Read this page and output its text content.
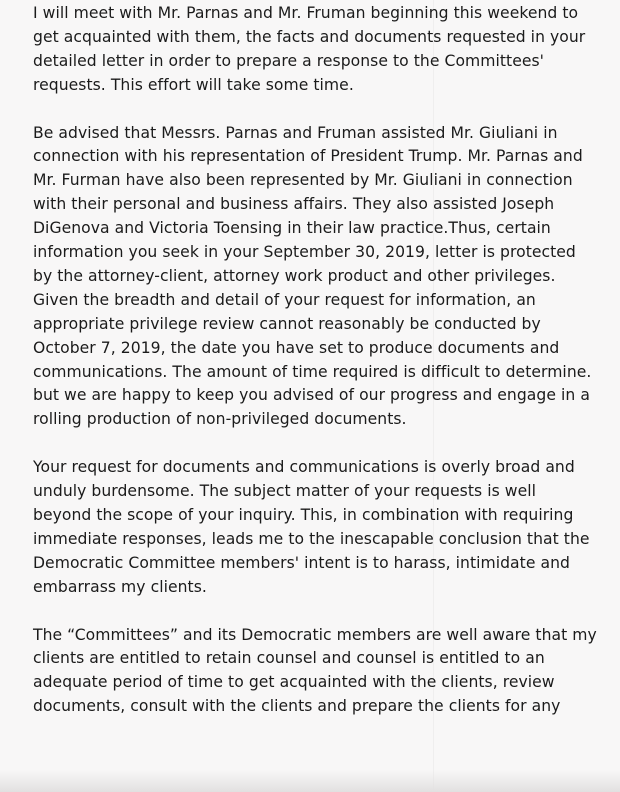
I will meet with Mr. Parnas and Mr. Fruman beginning this weekend to
get acquainted with them, the facts and documents requested in your
detailed letter in order to prepare a response to the Committees'
requests. This effort will take some time.

Be advised that Messrs. Parnas and Fruman assisted Mr. Giuliani in
connection with his representation of President Trump. Mr. Parnas and
Mr. Furman have also been represented by Mr. Giuliani in connection
with their personal and business affairs. They also assisted Joseph
DiGenova and Victoria Toensing in their law practice.Thus, certain
information you seek in your September 30, 2019, letter is protected
by the attorney-client, attorney work product and other privileges.
Given the breadth and detail of your request for information, an
appropriate privilege review cannot reasonably be conducted by
October 7, 2019, the date you have set to produce documents and
communications. The amount of time required is difficult to determine.
but we are happy to keep you advised of our progress and engage in a
rolling production of non-privileged documents.

Your request for documents and communications is overly broad and
unduly burdensome. The subject matter of your requests is well
beyond the scope of your inquiry. This, in combination with requiring
immediate responses, leads me to the inescapable conclusion that the
Democratic Committee members' intent is to harass, intimidate and
embarrass my clients.

The “Committees” and its Democratic members are well aware that my
clients are entitled to retain counsel and counsel is entitled to an
adequate period of time to get acquainted with the clients, review
documents, consult with the clients and prepare the clients for any
